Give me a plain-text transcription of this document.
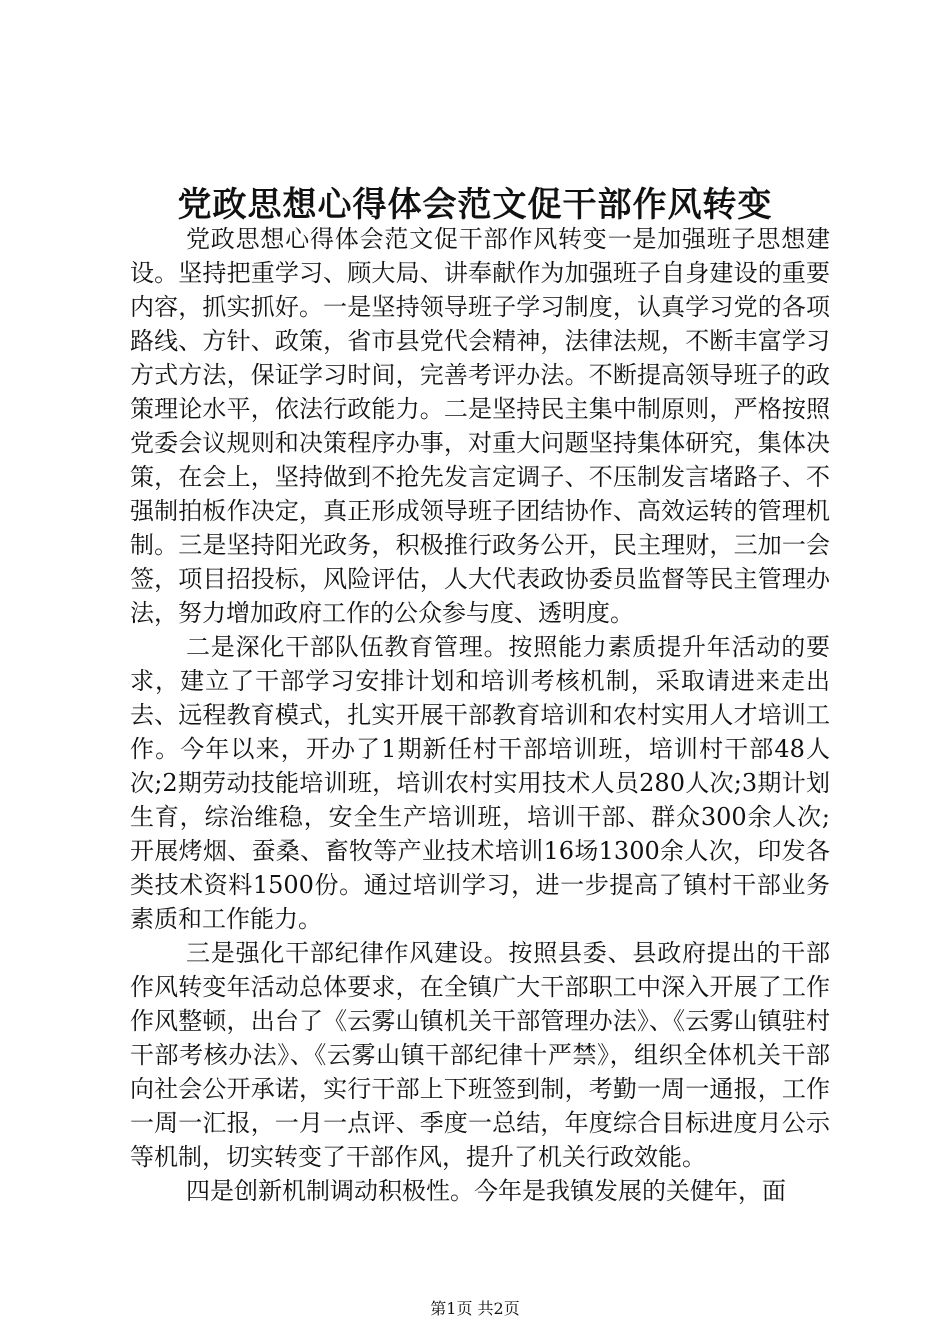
党政思想心得体会范文促干部作风转变

党政思想心得体会范文促干部作风转变一是加强班子思想建设。坚持把重学习、顾大局、讲奉献作为加强班子自身建设的重要内容，抓实抓好。一是坚持领导班子学习制度，认真学习党的各项路线、方针、政策，省市县党代会精神，法律法规，不断丰富学习方式方法，保证学习时间，完善考评办法。不断提高领导班子的政策理论水平，依法行政能力。二是坚持民主集中制原则，严格按照党委会议规则和决策程序办事，对重大问题坚持集体研究，集体决策，在会上，坚持做到不抢先发言定调子、不压制发言堵路子、不强制拍板作决定，真正形成领导班子团结协作、高效运转的管理机制。三是坚持阳光政务，积极推行政务公开，民主理财，三加一会签，项目招投标，风险评估，人大代表政协委员监督等民主管理办法，努力增加政府工作的公众参与度、透明度。

二是深化干部队伍教育管理。按照能力素质提升年活动的要求，建立了干部学习安排计划和培训考核机制，采取请进来走出去、远程教育模式，扎实开展干部教育培训和农村实用人才培训工作。今年以来，开办了1期新任村干部培训班，培训村干部48人次;2期劳动技能培训班，培训农村实用技术人员280人次;3期计划生育，综治维稳，安全生产培训班，培训干部、群众300余人次;开展烤烟、蚕桑、畜牧等产业技术培训16场1300余人次，印发各类技术资料1500份。通过培训学习，进一步提高了镇村干部业务素质和工作能力。

三是强化干部纪律作风建设。按照县委、县政府提出的干部作风转变年活动总体要求，在全镇广大干部职工中深入开展了工作作风整顿，出台了《云雾山镇机关干部管理办法》、《云雾山镇驻村干部考核办法》、《云雾山镇干部纪律十严禁》，组织全体机关干部向社会公开承诺，实行干部上下班签到制，考勤一周一通报，工作一周一汇报，一月一点评、季度一总结，年度综合目标进度月公示等机制，切实转变了干部作风，提升了机关行政效能。

四是创新机制调动积极性。今年是我镇发展的关健年，面

第1页 共2页
